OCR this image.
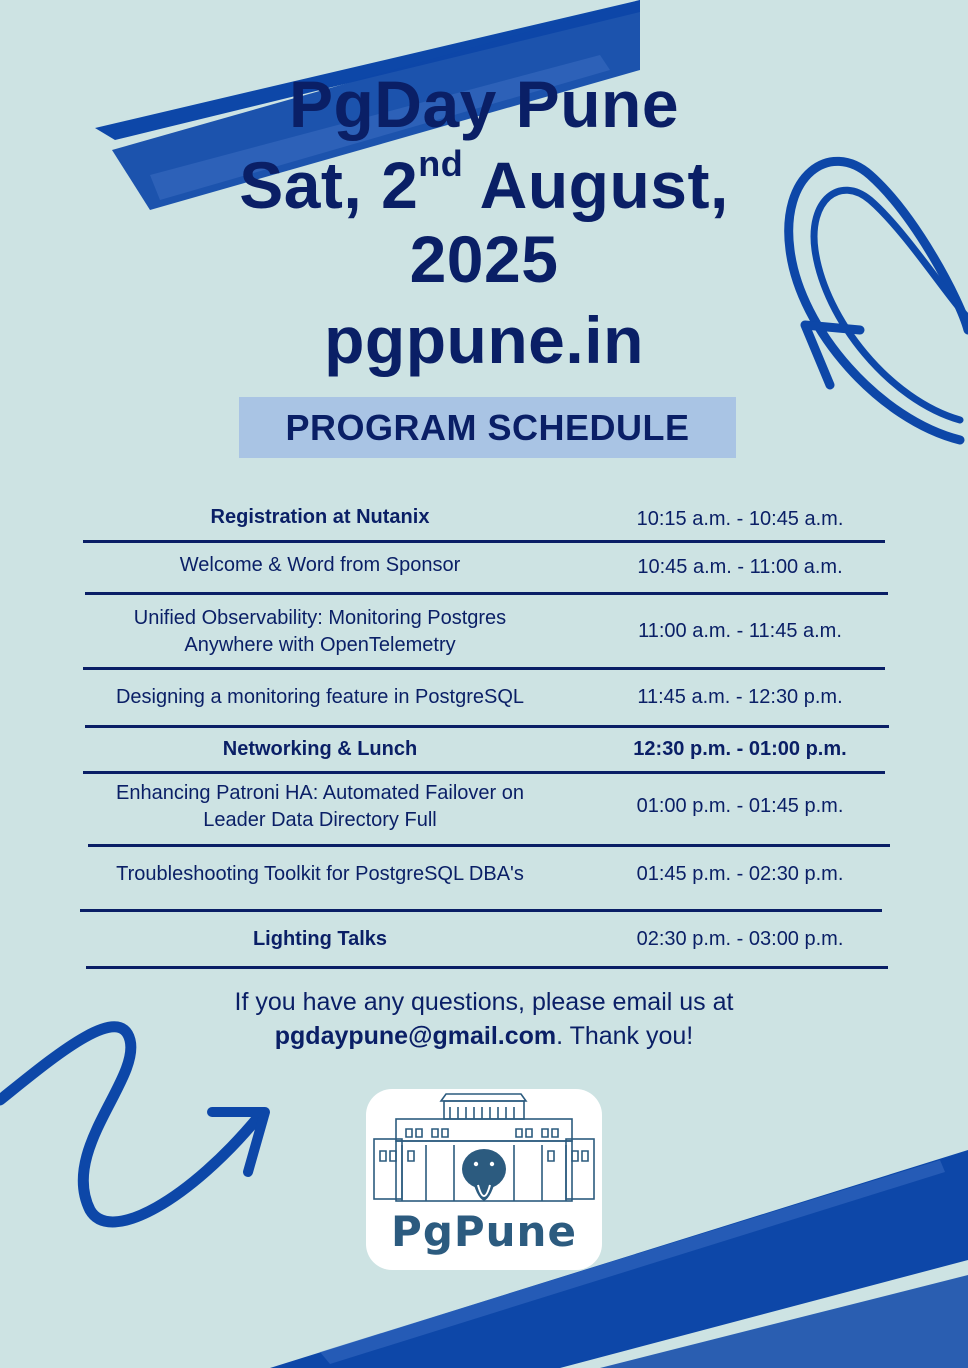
PgDay Pune
Sat, 2nd August,
2025
pgpune.in
PROGRAM SCHEDULE
Registration at Nutanix	10:15 a.m. - 10:45 a.m.
Welcome & Word from Sponsor	10:45 a.m. - 11:00 a.m.
Unified Observability: Monitoring Postgres
Anywhere with OpenTelemetry
11:00 a.m. - 11:45 a.m.
Designing a monitoring feature in PostgreSQL	11:45 a.m. - 12:30 p.m.
Networking & Lunch	12:30 p.m. - 01:00 p.m.
Enhancing Patroni HA: Automated Failover on
Leader Data Directory Full
01:00 p.m. - 01:45 p.m.
Troubleshooting Toolkit for PostgreSQL DBA's	01:45 p.m. - 02:30 p.m.
Lighting Talks	02:30 p.m. - 03:00 p.m.
If you have any questions, please email us at
pgdaypune@gmail.com. Thank you!
PgPune
